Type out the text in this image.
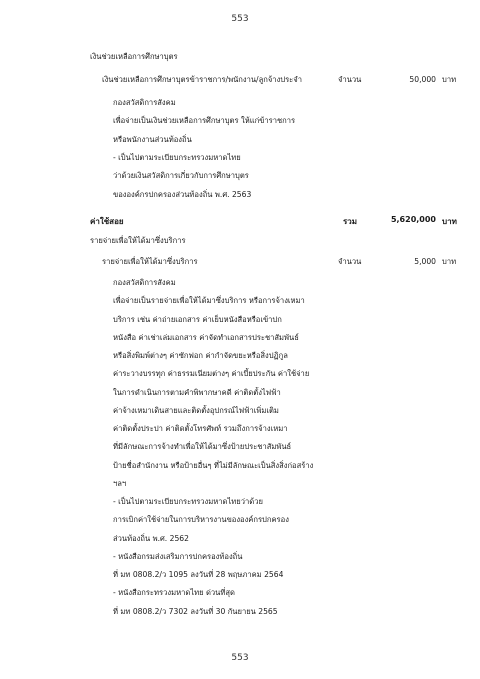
553
เงินช่วยเหลือการศึกษาบุตร
เงินช่วยเหลือการศึกษาบุตรข้าราชการ/พนักงาน/ลูกจ้างประจำ	จำนวน	50,000 บาท
กองสวัสดิการสังคม
เพื่อจ่ายเป็นเงินช่วยเหลือการศึกษาบุตร ให้แก่ข้าราชการ
หรือพนักงานส่วนท้องถิ่น
- เป็นไปตามระเบียบกระทรวงมหาดไทย
ว่าด้วยเงินสวัสดิการเกี่ยวกับการศึกษาบุตร
ขององค์กรปกครองส่วนท้องถิ่น พ.ศ. 2563
ค่าใช้สอย	รวม	5,620,000 บาท
รายจ่ายเพื่อให้ได้มาซึ่งบริการ
รายจ่ายเพื่อให้ได้มาซึ่งบริการ	จำนวน	5,000 บาท
กองสวัสดิการสังคม
เพื่อจ่ายเป็นรายจ่ายเพื่อให้ได้มาซึ่งบริการ หรือการจ้างเหมา
บริการ เช่น ค่าถ่ายเอกสาร ค่าเย็บหนังสือหรือเข้าปก
หนังสือ ค่าเช่าเล่มเอกสาร ค่าจัดทำเอกสารประชาสัมพันธ์
หรือสิ่งพิมพ์ต่างๆ ค่าซักฟอก ค่ากำจัดขยะหรือสิ่งปฏิกูล
ค่าระวางบรรทุก ค่าธรรมเนียมต่างๆ ค่าเบี้ยประกัน ค่าใช้จ่าย
ในการดำเนินการตามคำพิพากษาคดี ค่าติดตั้งไฟฟ้า
ค่าจ้างเหมาเดินสายและติดตั้งอุปกรณ์ไฟฟ้าเพิ่มเติม
ค่าติดตั้งประปา ค่าติดตั้งโทรศัพท์ รวมถึงการจ้างเหมา
ที่มีลักษณะการจ้างทำเพื่อให้ได้มาซึ่งป้ายประชาสัมพันธ์
ป้ายชื่อสำนักงาน หรือป้ายอื่นๆ ที่ไม่มีลักษณะเป็นสิ่งสิ่งก่อสร้าง
ฯลฯ
- เป็นไปตามระเบียบกระทรวงมหาดไทยว่าด้วย
การเบิกค่าใช้จ่ายในการบริหารงานขององค์กรปกครอง
ส่วนท้องถิ่น พ.ศ. 2562
- หนังสือกรมส่งเสริมการปกครองท้องถิ่น
ที่ มท 0808.2/ว 1095 ลงวันที่ 28 พฤษภาคม 2564
- หนังสือกระทรวงมหาดไทย ด่วนที่สุด
ที่ มท 0808.2/ว 7302 ลงวันที่ 30 กันยายน 2565
553
